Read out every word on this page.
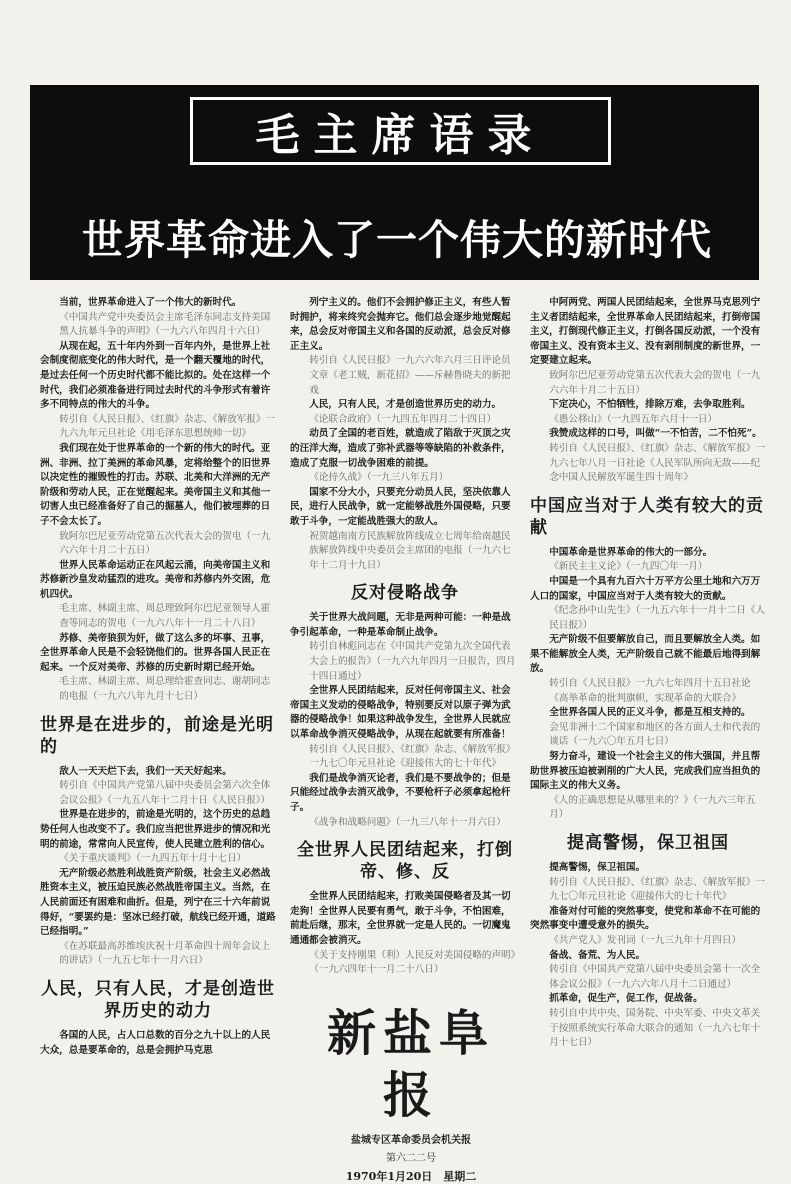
毛主席语录
世界革命进入了一个伟大的新时代

当前，世界革命进入了一个伟大的新时代。

《中国共产党中央委员会主席毛泽东同志支持美国黑人抗暴斗争的声明》（一九六八年四月十六日）

从现在起，五十年内外到一百年内外，是世界上社会制度彻底变化的伟大时代，是一个翻天覆地的时代，是过去任何一个历史时代都不能比拟的。处在这样一个时代，我们必须准备进行同过去时代的斗争形式有着许多不同特点的伟大的斗争。

转引自《人民日报》、《红旗》杂志、《解放军报》一九六九年元旦社论《用毛泽东思想统帅一切》

我们现在处于世界革命的一个新的伟大的时代。亚洲、非洲、拉丁美洲的革命风暴，定将给整个的旧世界以决定性的摧毁性的打击。苏联、北美和大洋洲的无产阶级和劳动人民，正在觉醒起来。美帝国主义和其他一切害人虫已经准备好了自己的掘墓人，他们被埋葬的日子不会太长了。

致阿尔巴尼亚劳动党第五次代表大会的贺电（一九六六年十月二十五日）

世界人民革命运动正在风起云涌，向美帝国主义和苏修新沙皇发动猛烈的进攻。美帝和苏修内外交困，危机四伏。

毛主席、林副主席、周总理致阿尔巴尼亚领导人霍查等同志的贺电（一九六八年十一月二十八日）

苏修、美帝狼狈为奸，做了这么多的坏事、丑事，全世界革命人民是不会轻饶他们的。世界各国人民正在起来。一个反对美帝、苏修的历史新时期已经开始。

毛主席、林副主席、周总理给霍查同志、谢胡同志的电报（一九六八年九月十七日）

世界是在进步的，前途是光明的

敌人一天天烂下去，我们一天天好起来。

转引自《中国共产党第八届中央委员会第六次全体会议公报》（一九五八年十二月十日《人民日报》）

世界是在进步的，前途是光明的，这个历史的总趋势任何人也改变不了。我们应当把世界进步的情况和光明的前途，常常向人民宣传，使人民建立胜利的信心。

《关于重庆谈判》（一九四五年十月十七日）

无产阶级必然胜利战胜资产阶级，社会主义必然战胜资本主义，被压迫民族必然战胜帝国主义。当然，在人民前面还有困难和曲折。但是，列宁在三十六年前说得好，“要罢约是：坚冰已经打破，航线已经开通，道路已经指明。”

《在苏联最高苏维埃庆祝十月革命四十周年会议上的讲话》（一九五七年十一月六日）

人民，只有人民，才是创造世界历史的动力

各国的人民，占人口总数的百分之九十以上的人民大众，总是要革命的，总是会拥护马克思

列宁主义的。他们不会拥护修正主义，有些人暂时拥护，将来终究会抛弃它。他们总会逐步地觉醒起来，总会反对帝国主义和各国的反动派，总会反对修正主义。

转引自《人民日报》一九六六年六月三日评论员文章《老工贼，新花招》——斥赫鲁晓夫的新把戏

人民，只有人民，才是创造世界历史的动力。

《论联合政府》（一九四五年四月二十四日）

动员了全国的老百姓，就造成了陷敌于灭顶之灾的汪洋大海，造成了弥补武器等等缺陷的补救条件，造成了克服一切战争困难的前提。

《论持久战》（一九三八年五月）

国家不分大小，只要充分动员人民，坚决依靠人民，进行人民战争，就一定能够战胜外国侵略，只要敢于斗争，一定能战胜强大的敌人。

祝贺越南南方民族解放阵线成立七周年给南越民族解放阵线中央委员会主席团的电报（一九六七年十二月十九日）

反对侵略战争

关于世界大战问题，无非是两种可能：一种是战争引起革命，一种是革命制止战争。

转引自林彪同志在《中国共产党第九次全国代表大会上的报告》（一九六九年四月一日报告，四月十四日通过）

全世界人民团结起来，反对任何帝国主义、社会帝国主义发动的侵略战争，特别要反对以原子弹为武器的侵略战争！如果这种战争发生，全世界人民就应以革命战争消灭侵略战争，从现在起就要有所准备！

转引自《人民日报》、《红旗》杂志、《解放军报》一九七〇年元旦社论《迎接伟大的七十年代》

我们是战争消灭论者，我们是不要战争的；但是只能经过战争去消灭战争，不要枪杆子必须拿起枪杆子。

《战争和战略问题》（一九三八年十一月六日）

全世界人民团结起来，打倒帝、修、反

全世界人民团结起来，打败美国侵略者及其一切走狗！全世界人民要有勇气，敢于斗争，不怕困难，前赴后继，那末，全世界就一定是人民的。一切魔鬼通通都会被消灭。

《关于支持刚果（利）人民反对美国侵略的声明》（一九六四年十一月二十八日）

中阿两党、两国人民团结起来，全世界马克思列宁主义者团结起来，全世界革命人民团结起来，打倒帝国主义，打倒现代修正主义，打倒各国反动派，一个没有帝国主义、没有资本主义、没有剥削制度的新世界，一定要建立起来。

致阿尔巴尼亚劳动党第五次代表大会的贺电（一九六六年十月二十五日）

下定决心，不怕牺牲，排除万难，去争取胜利。

《愚公移山》（一九四五年六月十一日）

我赞成这样的口号，叫做“一不怕苦，二不怕死”。

转引自《人民日报》、《红旗》杂志、《解放军报》一九六七年八月一日社论《人民军队所向无敌——纪念中国人民解放军诞生四十周年》

中国应当对于人类有较大的贡献

中国革命是世界革命的伟大的一部分。

《新民主主义论》（一九四〇年一月）

中国是一个具有九百六十万平方公里土地和六万万人口的国家，中国应当对于人类有较大的贡献。

《纪念孙中山先生》（一九五六年十一月十二日《人民日报》）

无产阶级不但要解放自己，而且要解放全人类。如果不能解放全人类，无产阶级自己就不能最后地得到解放。

转引自《人民日报》一九六七年四月十五日社论《高举革命的批判旗帜，实现革命的大联合》

全世界各国人民的正义斗争，都是互相支持的。

会见非洲十二个国家和地区的各方面人士和代表的谈话（一九六〇年五月七日）

努力奋斗，建设一个社会主义的伟大强国，并且帮助世界被压迫被剥削的广大人民，完成我们应当担负的国际主义的伟大义务。

《人的正确思想是从哪里来的？》（一九六三年五月）

提高警惕，保卫祖国

提高警惕，保卫祖国。

转引自《人民日报》、《红旗》杂志、《解放军报》一九七〇年元旦社论《迎接伟大的七十年代》

准备对付可能的突然事变，使党和革命不在可能的突然事变中遭受意外的损失。

《共产党人》发刊词（一九三九年十月四日）

备战、备荒、为人民。

转引自《中国共产党第八届中央委员会第十一次全体会议公报》（一九六六年八月十二日通过）

抓革命，促生产，促工作，促战备。

转引自中共中央、国务院、中央军委、中央文革关于按照系统实行革命大联合的通知（一九六七年十月十七日）

新盐阜报
盐城专区革命委员会机关报
第六二二号
1970年1月20日　星期二
